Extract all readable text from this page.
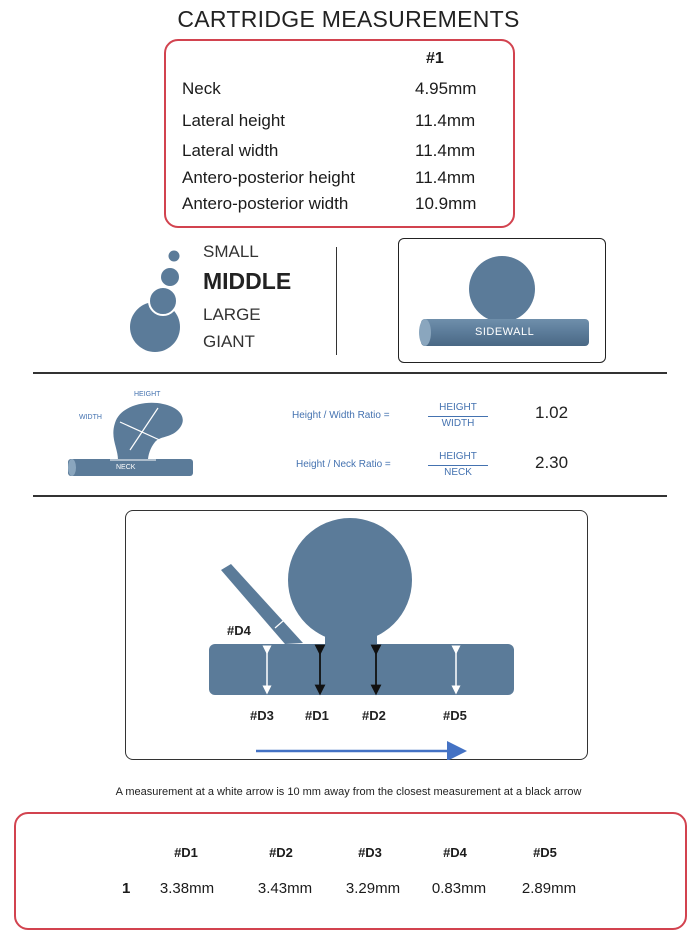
CARTRIDGE MEASUREMENTS
#1
Neck	4.95mm
Lateral height	11.4mm
Lateral width	11.4mm
Antero-posterior height	11.4mm
Antero-posterior width	10.9mm
SMALL
MIDDLE
LARGE
GIANT	SIDEWALL
HEIGHT
WIDTH
NECK
Height / Width Ratio =
HEIGHT
WIDTH
1.02
Height / Neck Ratio =
HEIGHT
NECK
2.30
#D4
#D3 #D1	#D2	#D5
A measurement at a white arrow is 10 mm away from the closest measurement at a black arrow
#D1	#D2	#D3	#D4	#D5
1	3.38mm	3.43mm	3.29mm	0.83mm	2.89mm
